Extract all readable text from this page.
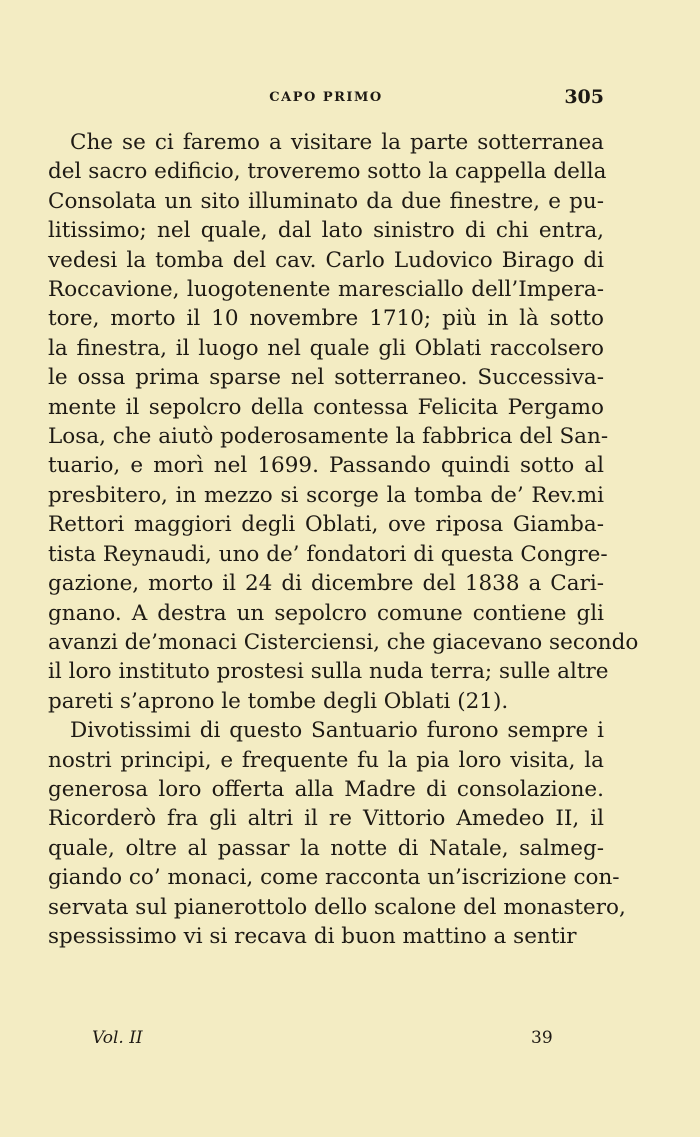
CAPO PRIMO	305
Che se ci faremo a visitare la parte sotterranea
del sacro edificio, troveremo sotto la cappella della
Consolata un sito illuminato da due finestre, e pu-
litissimo; nel quale, dal lato sinistro di chi entra,
vedesi la tomba del cav. Carlo Ludovico Birago di
Roccavione, luogotenente maresciallo dell’Impera-
tore, morto il 10 novembre 1710; più in là sotto
la finestra, il luogo nel quale gli Oblati raccolsero
le ossa prima sparse nel sotterraneo. Successiva-
mente il sepolcro della contessa Felicita Pergamo
Losa, che aiutò poderosamente la fabbrica del San-
tuario, e morì nel 1699. Passando quindi sotto al
presbitero, in mezzo si scorge la tomba de’ Rev.mi
Rettori maggiori degli Oblati, ove riposa Giamba-
tista Reynaudi, uno de’ fondatori di questa Congre-
gazione, morto il 24 di dicembre del 1838 a Cari-
gnano. A destra un sepolcro comune contiene gli
avanzi de’monaci Cisterciensi, che giacevano secondo
il loro instituto prostesi sulla nuda terra; sulle altre
pareti s’aprono le tombe degli Oblati (21).
Divotissimi di questo Santuario furono sempre i
nostri principi, e frequente fu la pia loro visita, la
generosa loro offerta alla Madre di consolazione.
Ricorderò fra gli altri il re Vittorio Amedeo II, il
quale, oltre al passar la notte di Natale, salmeg-
giando co’ monaci, come racconta un’iscrizione con-
servata sul pianerottolo dello scalone del monastero,
spessissimo vi si recava di buon mattino a sentir
Vol. II	39
